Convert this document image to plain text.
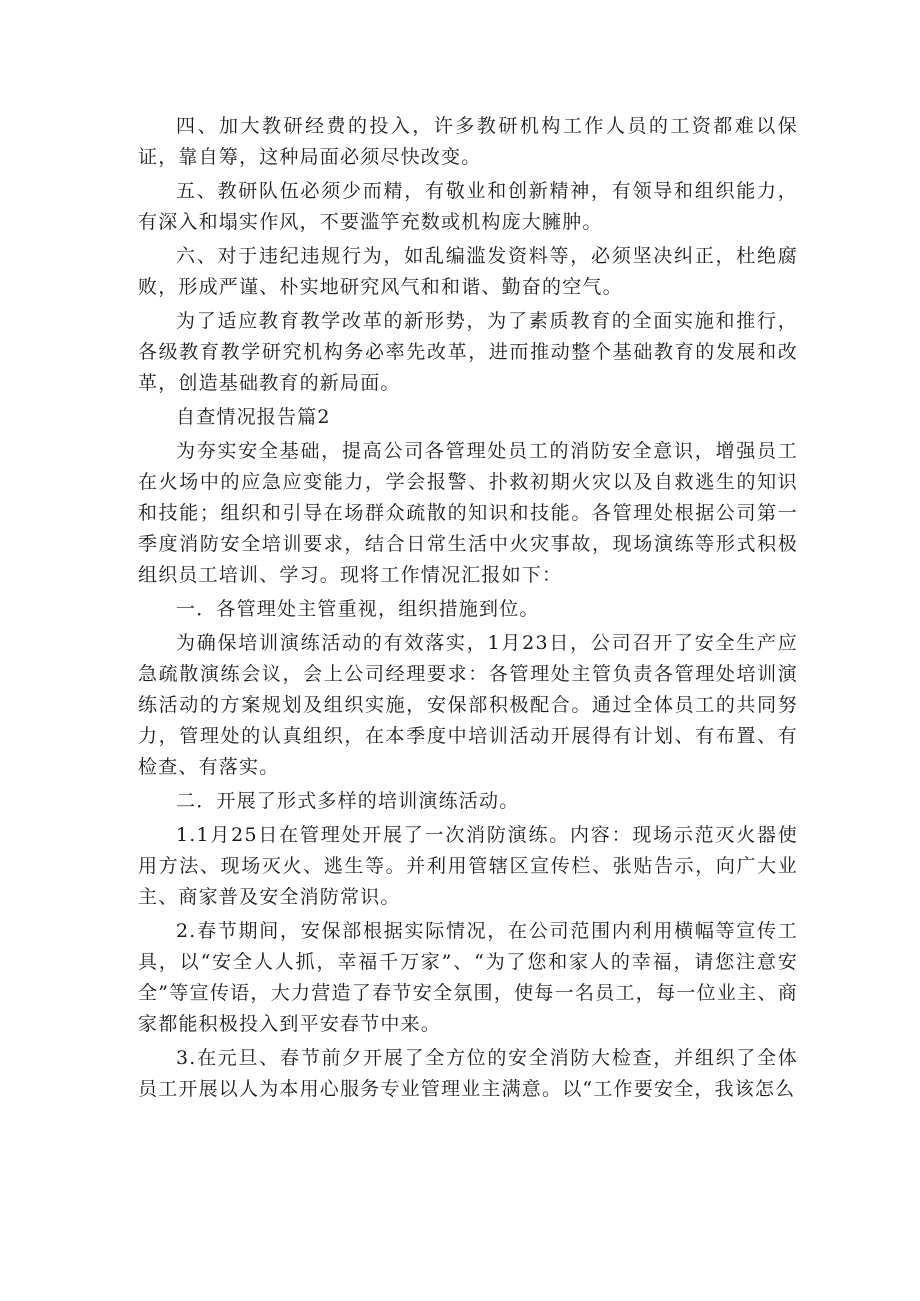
四、加大教研经费的投入，许多教研机构工作人员的工资都难以保证，靠自筹，这种局面必须尽快改变。

五、教研队伍必须少而精，有敬业和创新精神，有领导和组织能力，有深入和塌实作风，不要滥竽充数或机构庞大臃肿。

六、对于违纪违规行为，如乱编滥发资料等，必须坚决纠正，杜绝腐败，形成严谨、朴实地研究风气和和谐、勤奋的空气。

为了适应教育教学改革的新形势，为了素质教育的全面实施和推行，各级教育教学研究机构务必率先改革，进而推动整个基础教育的发展和改革，创造基础教育的新局面。

自查情况报告篇2

为夯实安全基础，提高公司各管理处员工的消防安全意识，增强员工在火场中的应急应变能力，学会报警、扑救初期火灾以及自救逃生的知识和技能；组织和引导在场群众疏散的知识和技能。各管理处根据公司第一季度消防安全培训要求，结合日常生活中火灾事故，现场演练等形式积极组织员工培训、学习。现将工作情况汇报如下：

一．各管理处主管重视，组织措施到位。

为确保培训演练活动的有效落实，1月23日，公司召开了安全生产应急疏散演练会议，会上公司经理要求：各管理处主管负责各管理处培训演练活动的方案规划及组织实施，安保部积极配合。通过全体员工的共同努力，管理处的认真组织，在本季度中培训活动开展得有计划、有布置、有检查、有落实。

二．开展了形式多样的培训演练活动。

1.1月25日在管理处开展了一次消防演练。内容：现场示范灭火器使用方法、现场灭火、逃生等。并利用管辖区宣传栏、张贴告示，向广大业主、商家普及安全消防常识。

2.春节期间，安保部根据实际情况，在公司范围内利用横幅等宣传工具，以“安全人人抓，幸福千万家”、“为了您和家人的幸福，请您注意安全”等宣传语，大力营造了春节安全氛围，使每一名员工，每一位业主、商家都能积极投入到平安春节中来。

3.在元旦、春节前夕开展了全方位的安全消防大检查，并组织了全体员工开展以人为本用心服务专业管理业主满意。以“工作要安全，我该怎么
